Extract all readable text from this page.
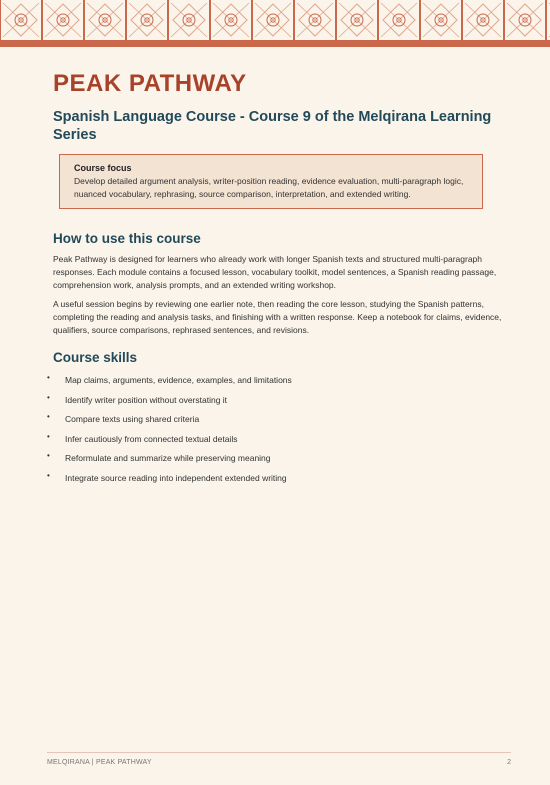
PEAK PATHWAY
Spanish Language Course - Course 9 of the Melqirana Learning Series
Course focus
Develop detailed argument analysis, writer-position reading, evidence evaluation, multi-paragraph logic, nuanced vocabulary, rephrasing, source comparison, interpretation, and extended writing.
How to use this course

Peak Pathway is designed for learners who already work with longer Spanish texts and structured multi-paragraph responses. Each module contains a focused lesson, vocabulary toolkit, model sentences, a Spanish reading passage, comprehension work, analysis prompts, and an extended writing workshop.

A useful session begins by reviewing one earlier note, then reading the core lesson, studying the Spanish patterns, completing the reading and analysis tasks, and finishing with a written response. Keep a notebook for claims, evidence, qualifiers, source comparisons, rephrased sentences, and revisions.

Course skills
• Map claims, arguments, evidence, examples, and limitations
• Identify writer position without overstating it
• Compare texts using shared criteria
• Infer cautiously from connected textual details
• Reformulate and summarize while preserving meaning
• Integrate source reading into independent extended writing
MELQIRANA | PEAK PATHWAY	2
